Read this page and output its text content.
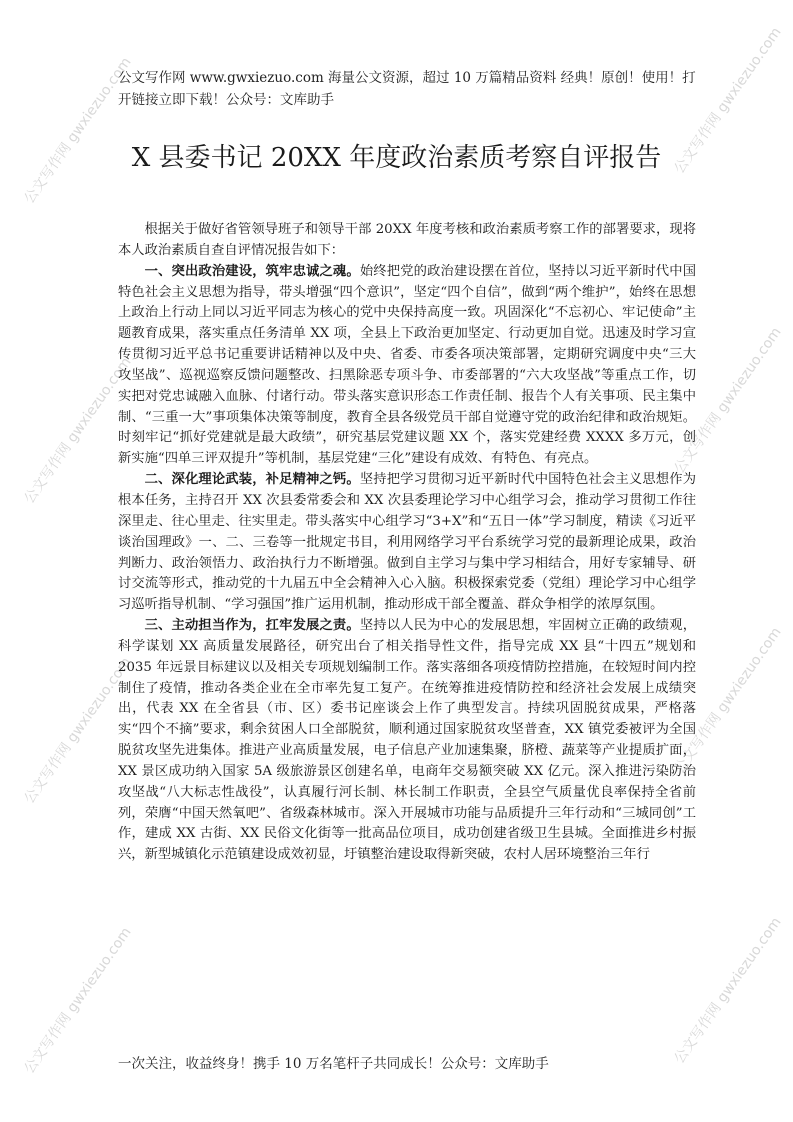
公文写作网 gwxiezuo.com
公文写作网 gwxiezuo.com
公文写作网 gwxiezuo.com
公文写作网 gwxiezuo.com
公文写作网 gwxiezuo.com
公文写作网 gwxiezuo.com
公文写作网 gwxiezuo.com
公文写作网 gwxiezuo.com
公文写作网 www.gwxiezuo.com 海量公文资源，超过 10 万篇精品资料 经典！原创！使用！打开链接立即下载！公众号：文库助手
X 县委书记 20XX 年度政治素质考察自评报告

根据关于做好省管领导班子和领导干部 20XX 年度考核和政治素质考察工作的部署要求，现将本人政治素质自查自评情况报告如下：

一、突出政治建设，筑牢忠诚之魂。始终把党的政治建设摆在首位，坚持以习近平新时代中国特色社会主义思想为指导，带头增强“四个意识”，坚定“四个自信”，做到“两个维护”，始终在思想上政治上行动上同以习近平同志为核心的党中央保持高度一致。巩固深化“不忘初心、牢记使命”主题教育成果，落实重点任务清单 XX 项，全县上下政治更加坚定、行动更加自觉。迅速及时学习宣传贯彻习近平总书记重要讲话精神以及中央、省委、市委各项决策部署，定期研究调度中央“三大攻坚战”、巡视巡察反馈问题整改、扫黑除恶专项斗争、市委部署的“六大攻坚战”等重点工作，切实把对党忠诚融入血脉、付诸行动。带头落实意识形态工作责任制、报告个人有关事项、民主集中制、“三重一大”事项集体决策等制度，教育全县各级党员干部自觉遵守党的政治纪律和政治规矩。时刻牢记“抓好党建就是最大政绩”，研究基层党建议题 XX 个，落实党建经费 XXXX 多万元，创新实施“四单三评双提升”等机制，基层党建“三化”建设有成效、有特色、有亮点。

二、深化理论武装，补足精神之钙。坚持把学习贯彻习近平新时代中国特色社会主义思想作为根本任务，主持召开 XX 次县委常委会和 XX 次县委理论学习中心组学习会，推动学习贯彻工作往深里走、往心里走、往实里走。带头落实中心组学习“3+X”和“五日一体”学习制度，精读《习近平谈治国理政》一、二、三卷等一批规定书目，利用网络学习平台系统学习党的最新理论成果，政治判断力、政治领悟力、政治执行力不断增强。做到自主学习与集中学习相结合，用好专家辅导、研讨交流等形式，推动党的十九届五中全会精神入心入脑。积极探索党委（党组）理论学习中心组学习巡听指导机制、“学习强国”推广运用机制，推动形成干部全覆盖、群众争相学的浓厚氛围。

三、主动担当作为，扛牢发展之责。坚持以人民为中心的发展思想，牢固树立正确的政绩观，科学谋划 XX 高质量发展路径，研究出台了相关指导性文件，指导完成 XX 县“十四五”规划和 2035 年远景目标建议以及相关专项规划编制工作。落实落细各项疫情防控措施，在较短时间内控制住了疫情，推动各类企业在全市率先复工复产。在统筹推进疫情防控和经济社会发展上成绩突出，代表 XX 在全省县（市、区）委书记座谈会上作了典型发言。持续巩固脱贫成果，严格落实“四个不摘”要求，剩余贫困人口全部脱贫，顺利通过国家脱贫攻坚普查，XX 镇党委被评为全国脱贫攻坚先进集体。推进产业高质量发展，电子信息产业加速集聚，脐橙、蔬菜等产业提质扩面，XX 景区成功纳入国家 5A 级旅游景区创建名单，电商年交易额突破 XX 亿元。深入推进污染防治攻坚战“八大标志性战役”，认真履行河长制、林长制工作职责，全县空气质量优良率保持全省前列，荣膺“中国天然氧吧”、省级森林城市。深入开展城市功能与品质提升三年行动和“三城同创”工作，建成 XX 古街、XX 民俗文化街等一批高品位项目，成功创建省级卫生县城。全面推进乡村振兴，新型城镇化示范镇建设成效初显，圩镇整治建设取得新突破，农村人居环境整治三年行

一次关注，收益终身！携手 10 万名笔杆子共同成长！公众号：文库助手
